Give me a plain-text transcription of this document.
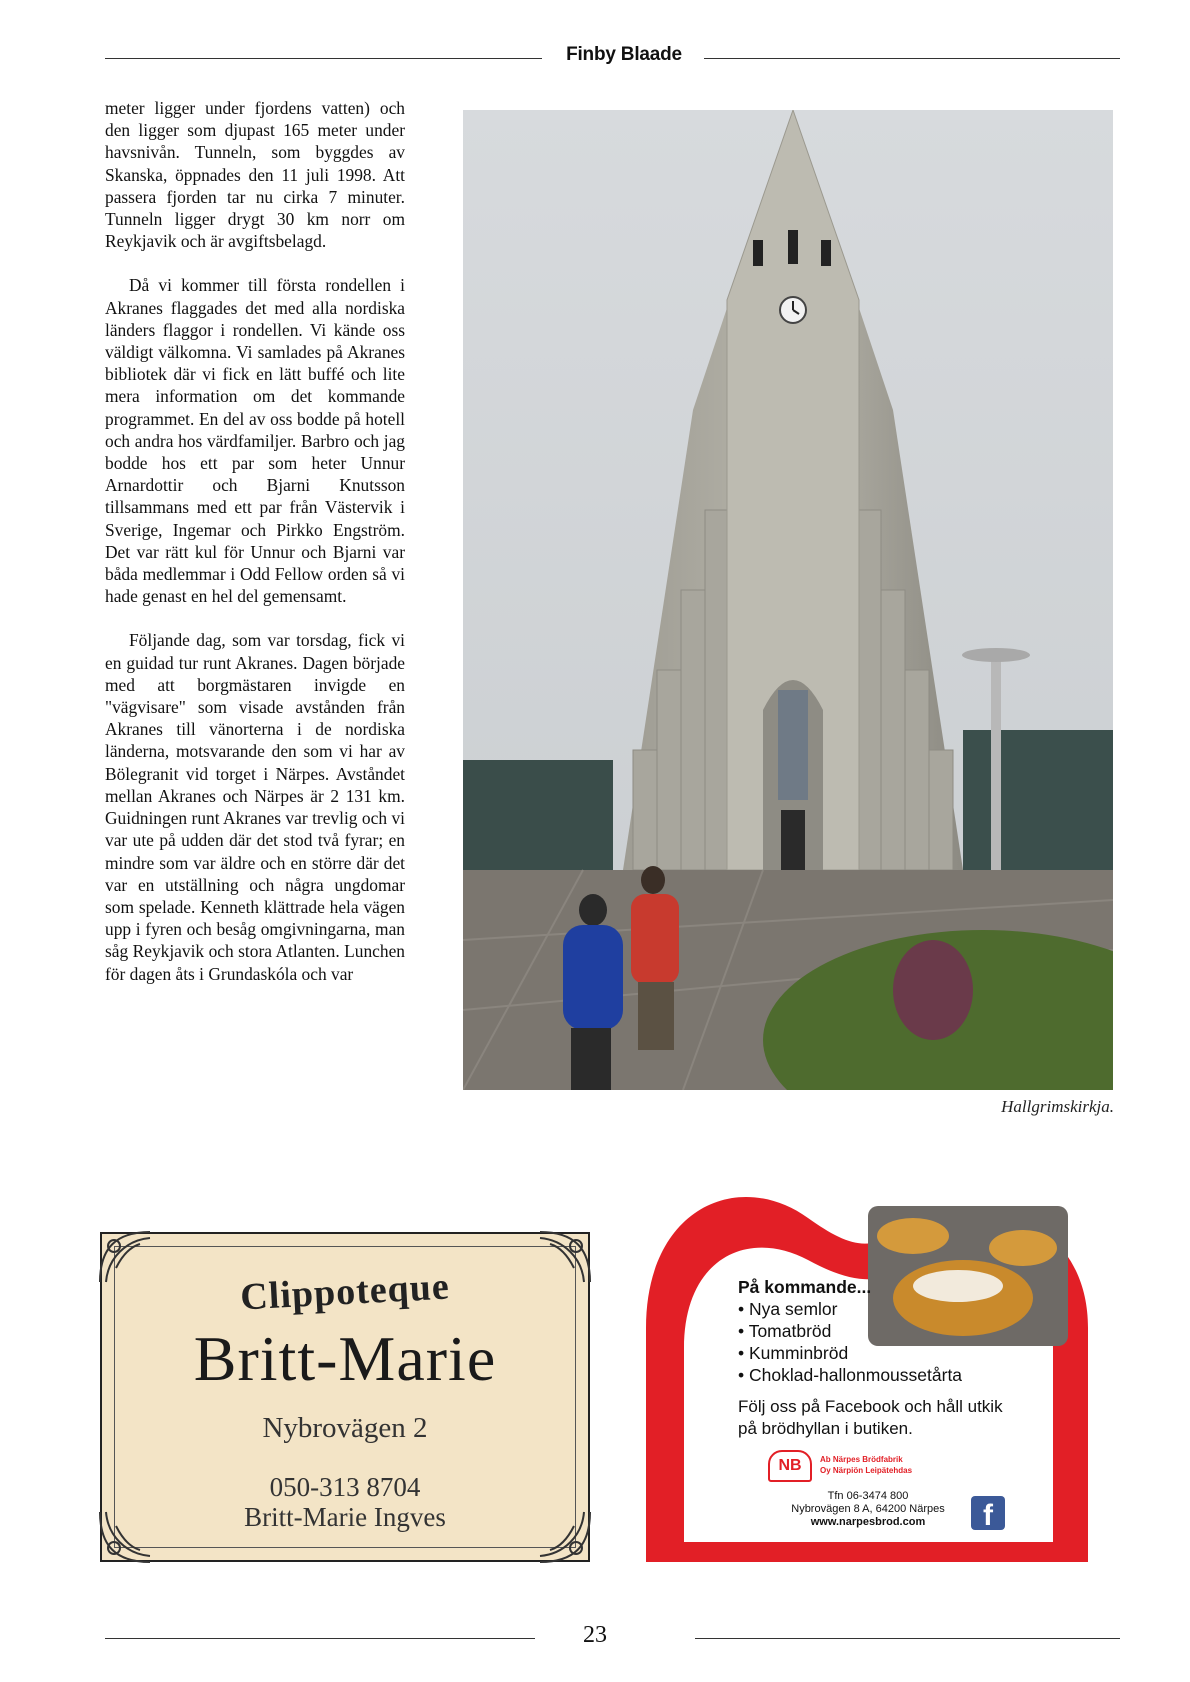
Finby Blaade

meter ligger under fjordens vatten) och den ligger som djupast 165 meter under havsnivån. Tunneln, som byggdes av Skanska, öppnades den 11 juli 1998. Att passera fjorden tar nu cirka 7 minuter. Tunneln ligger drygt 30 km norr om Reykjavik och är avgiftsbelagd.

Då vi kommer till första rondellen i Akranes flaggades det med alla nordiska länders flaggor i rondellen. Vi kände oss väldigt välkomna. Vi samlades på Akranes bibliotek där vi fick en lätt buffé och lite mera information om det kommande programmet. En del av oss bodde på hotell och andra hos värdfamiljer. Barbro och jag bodde hos ett par som heter Unnur Arnardottir och Bjarni Knutsson tillsammans med ett par från Västervik i Sverige, Ingemar och Pirkko Engström. Det var rätt kul för Unnur och Bjarni var båda medlemmar i Odd Fellow orden så vi hade genast en hel del gemensamt.

Följande dag, som var torsdag, fick vi en guidad tur runt Akranes. Dagen började med att borgmästaren invigde en "vägvisare" som visade avstånden från Akranes till vänorterna i de nordiska länderna, motsvarande den som vi har av Bölegranit vid torget i Närpes. Avståndet mellan Akranes och Närpes är 2 131 km. Guidningen runt Akranes var trevlig och vi var ute på udden där det stod två fyrar; en mindre som var äldre och en större där det var en utställning och några ungdomar som spelade. Kenneth klättrade hela vägen upp i fyren och besåg omgivningarna, man såg Reykjavik och stora Atlanten. Lunchen för dagen åts i Grundaskóla och var

Hallgrimskirkja.
Clippoteque
Britt-Marie
Nybrovägen 2
050-313 8704
Britt-Marie Ingves
På kommande...
• Nya semlor
• Tomatbröd
• Kumminbröd
• Choklad-hallonmoussetårta
Följ oss på Facebook och håll utkik på brödhyllan i butiken.
NB	Ab Närpes Brödfabrik
Oy Närpiön Leipätehdas
Tfn 06-3474 800
Nybrovägen 8 A, 64200 Närpes
www.narpesbrod.com	f
23
